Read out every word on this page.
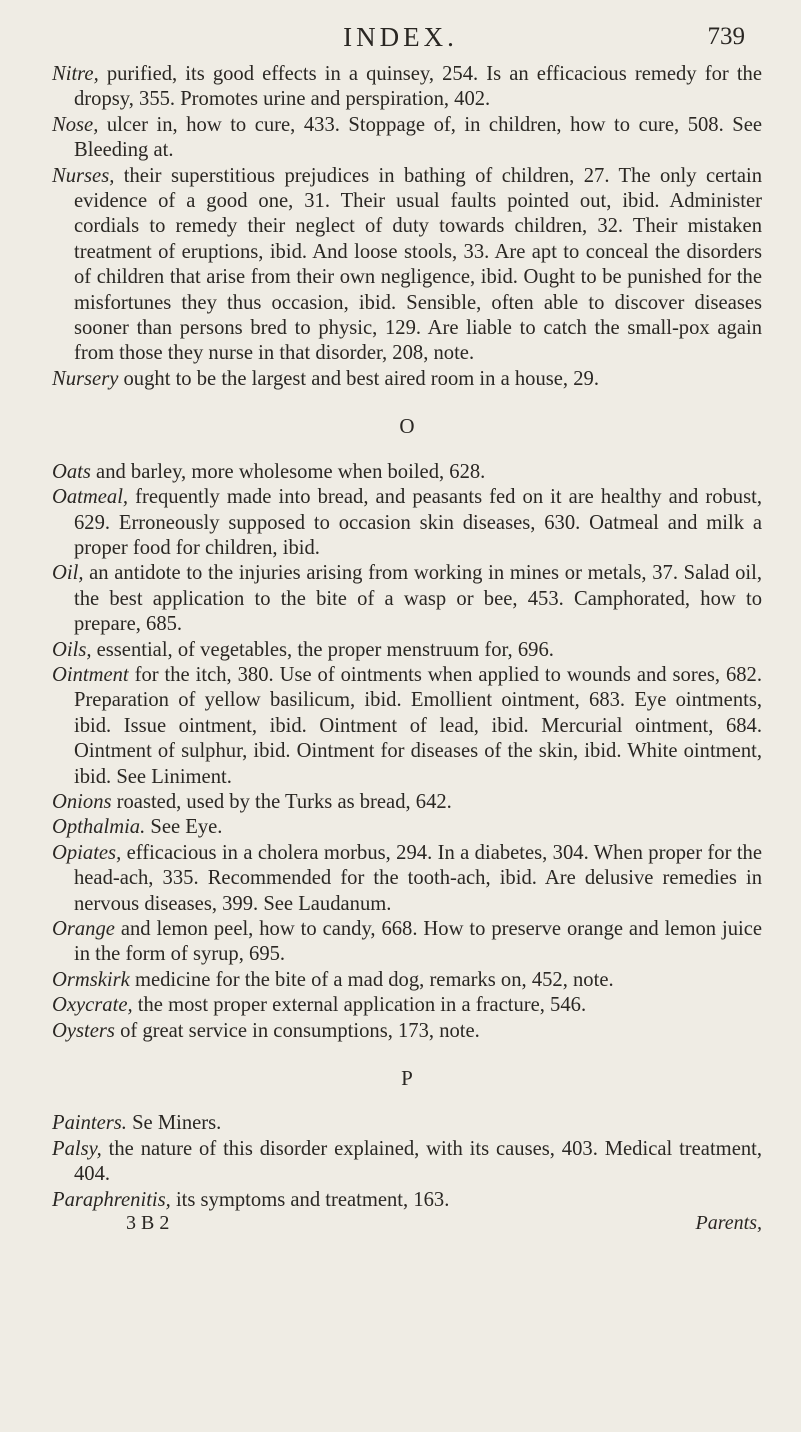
INDEX.	739

Nitre, purified, its good effects in a quinsey, 254. Is an efficacious remedy for the dropsy, 355. Promotes urine and perspiration, 402.

Nose, ulcer in, how to cure, 433. Stoppage of, in children, how to cure, 508. See Bleeding at.

Nurses, their superstitious prejudices in bathing of children, 27. The only certain evidence of a good one, 31. Their usual faults pointed out, ibid. Administer cordials to remedy their neglect of duty towards children, 32. Their mistaken treatment of eruptions, ibid. And loose stools, 33. Are apt to conceal the disorders of children that arise from their own negligence, ibid. Ought to be punished for the misfortunes they thus occasion, ibid. Sensible, often able to discover diseases sooner than persons bred to physic, 129. Are liable to catch the small-pox again from those they nurse in that disorder, 208, note.

Nursery ought to be the largest and best aired room in a house, 29.

O

Oats and barley, more wholesome when boiled, 628.

Oatmeal, frequently made into bread, and peasants fed on it are healthy and robust, 629. Erroneously supposed to occasion skin diseases, 630. Oatmeal and milk a proper food for children, ibid.

Oil, an antidote to the injuries arising from working in mines or metals, 37. Salad oil, the best application to the bite of a wasp or bee, 453. Camphorated, how to prepare, 685.

Oils, essential, of vegetables, the proper menstruum for, 696.

Ointment for the itch, 380. Use of ointments when applied to wounds and sores, 682. Preparation of yellow basilicum, ibid. Emollient ointment, 683. Eye ointments, ibid. Issue ointment, ibid. Ointment of lead, ibid. Mercurial ointment, 684. Ointment of sulphur, ibid. Ointment for diseases of the skin, ibid. White ointment, ibid. See Liniment.

Onions roasted, used by the Turks as bread, 642.

Opthalmia. See Eye.

Opiates, efficacious in a cholera morbus, 294. In a diabetes, 304. When proper for the head-ach, 335. Recommended for the tooth-ach, ibid. Are delusive remedies in nervous diseases, 399. See Laudanum.

Orange and lemon peel, how to candy, 668. How to preserve orange and lemon juice in the form of syrup, 695.

Ormskirk medicine for the bite of a mad dog, remarks on, 452, note.

Oxycrate, the most proper external application in a fracture, 546.

Oysters of great service in consumptions, 173, note.

P

Painters. Se Miners.

Palsy, the nature of this disorder explained, with its causes, 403. Medical treatment, 404.

Paraphrenitis, its symptoms and treatment, 163.

3 B 2	Parents,
